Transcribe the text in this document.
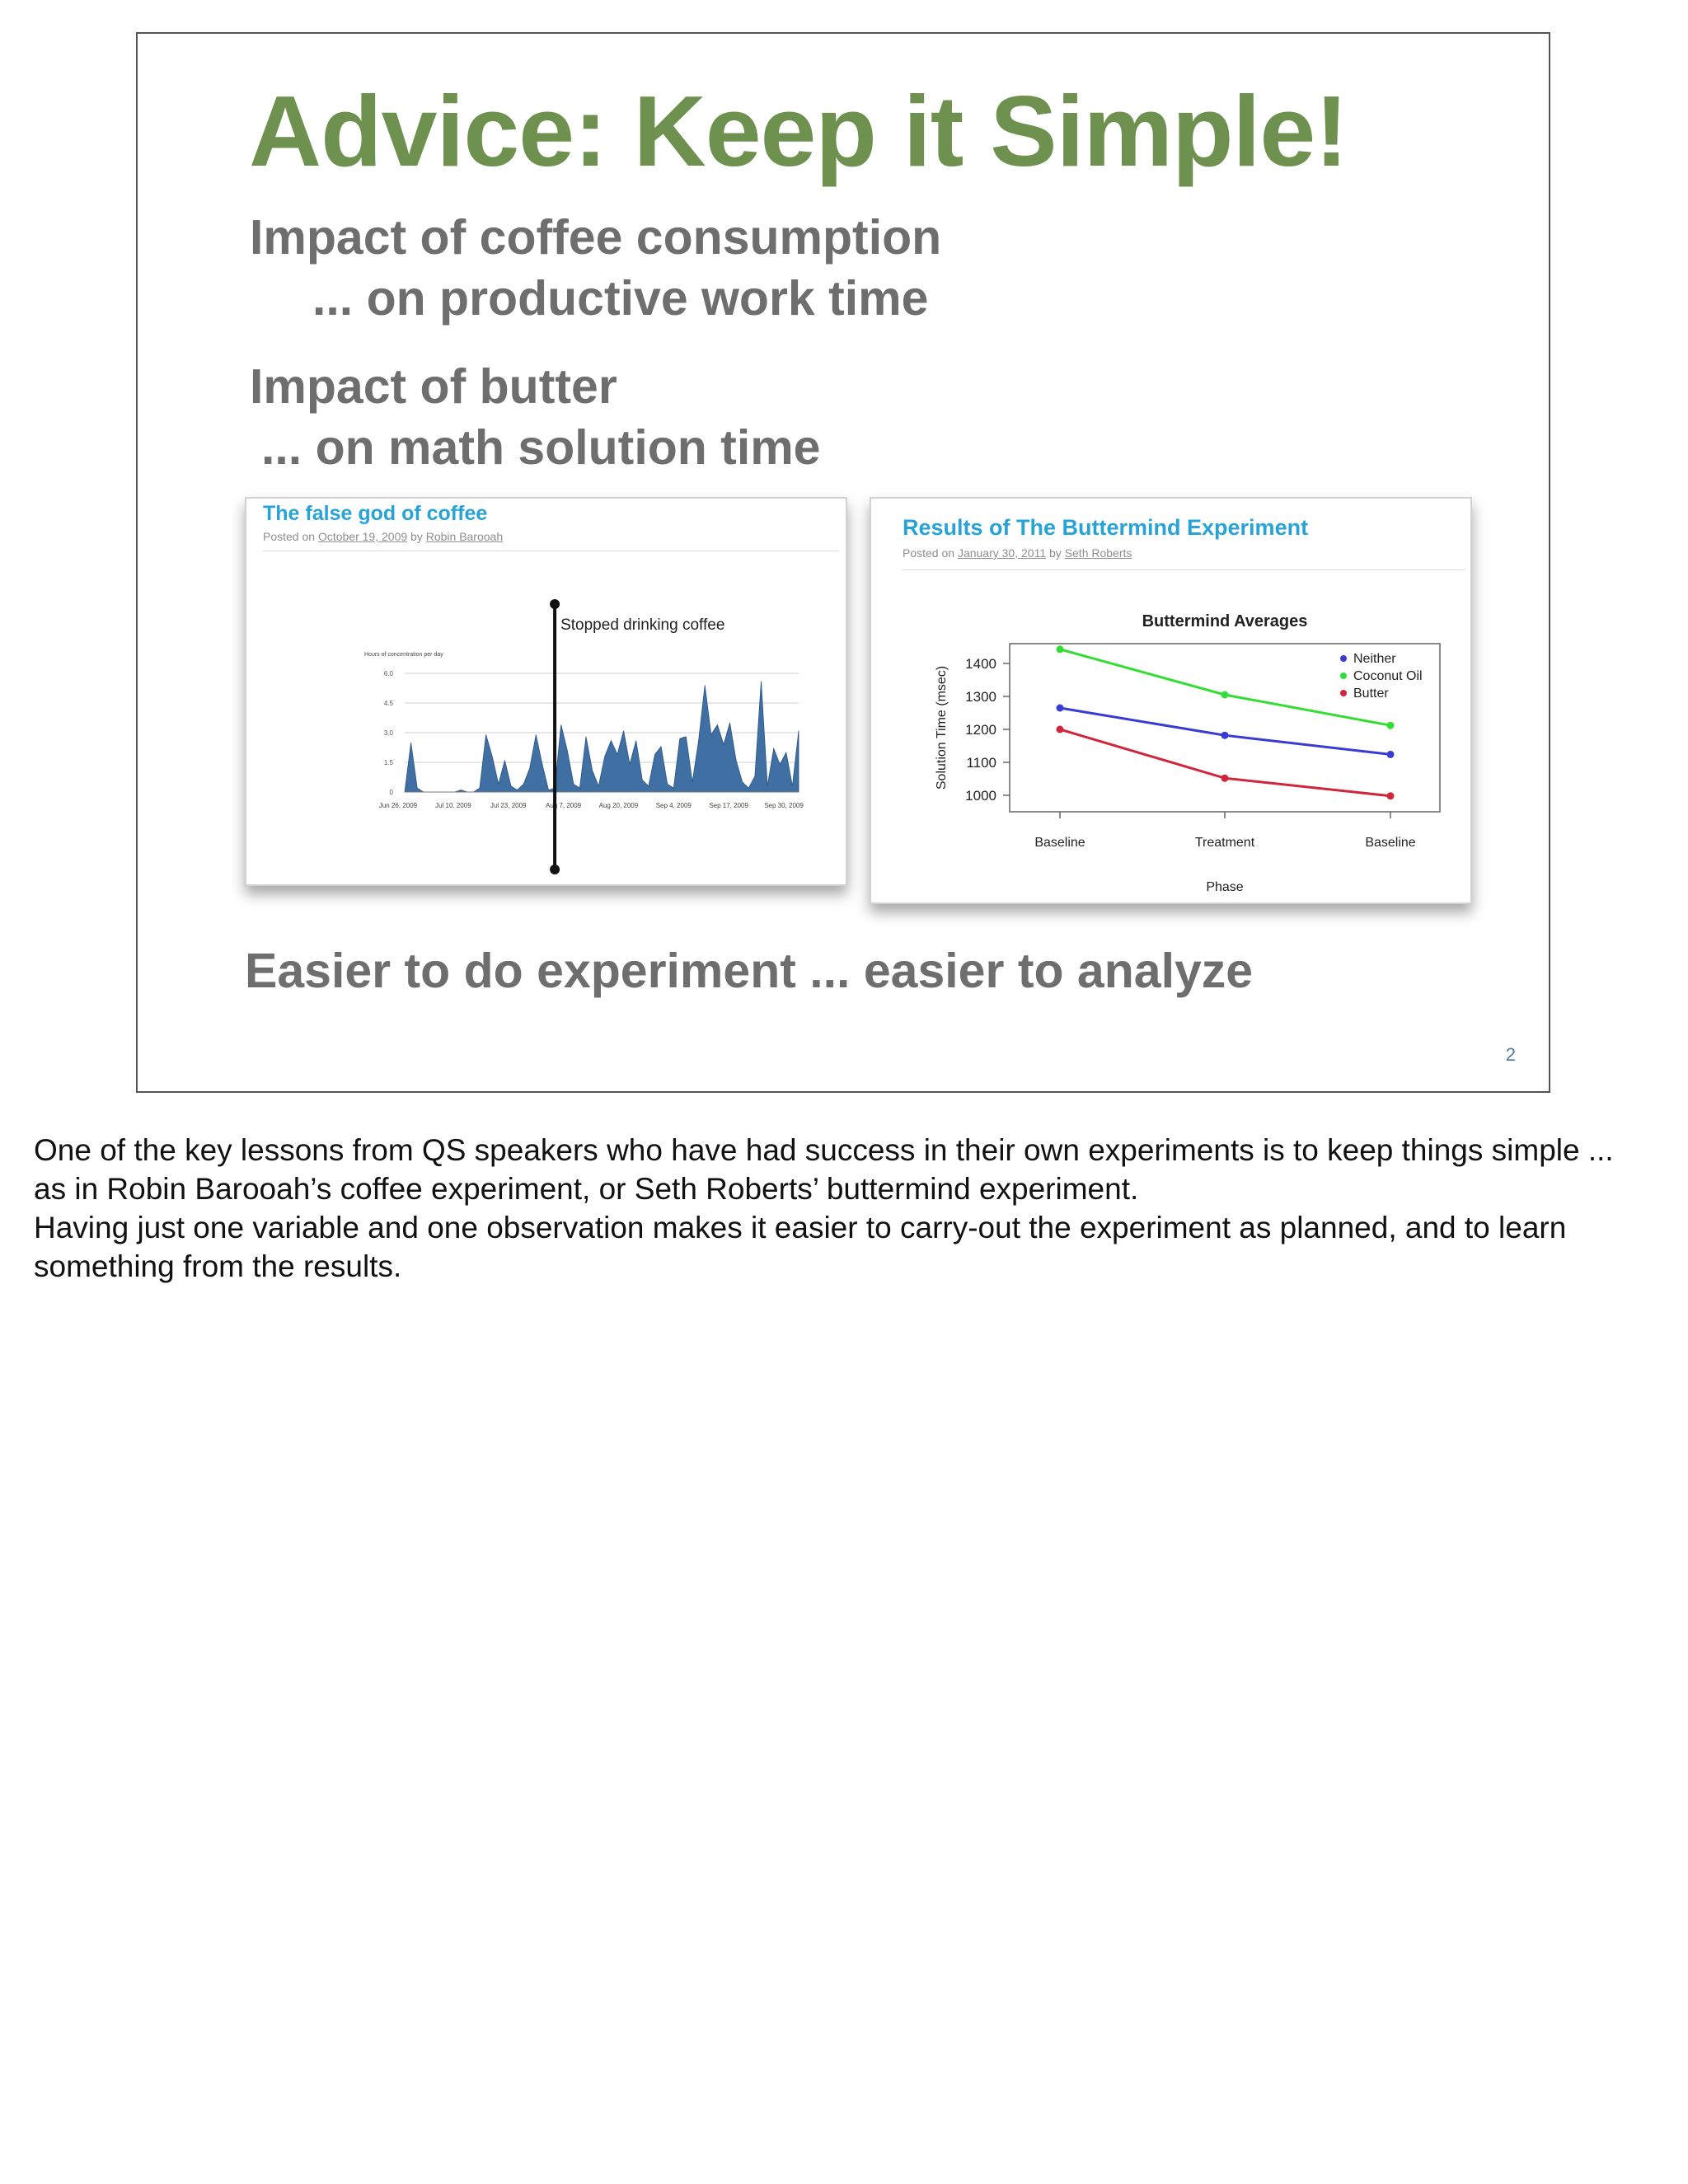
Advice: Keep it Simple!
Impact of coffee consumption
... on productive work time
Impact of butter
... on math solution time
The false god of coffee
Posted on October 19, 2009 by Robin Barooah
Hours of concentration per day
0
1.5
3.0
4.5
6.0
Jun 26, 2009	Jul 10, 2009	Jul 23, 2009	Aug 7, 2009	Aug 20, 2009	Sep 4, 2009	Sep 17, 2009 Sep 30, 2009
Stopped drinking coffee
Results of The Buttermind Experiment
Posted on January 30, 2011 by Seth Roberts
Buttermind Averages
1000
1100
1200
1300
1400
Baseline	Treatment	Baseline
Phase
Solution Time (msec)
Neither
Coconut Oil
Butter
Easier to do experiment ... easier to analyze
2

One of the key lessons from QS speakers who have had success in their own experiments is to keep things simple ... as in Robin Barooah’s coffee experiment, or Seth Roberts’ buttermind experiment.

Having just one variable and one observation makes it easier to carry-out the experiment as planned, and to learn something from the results.
